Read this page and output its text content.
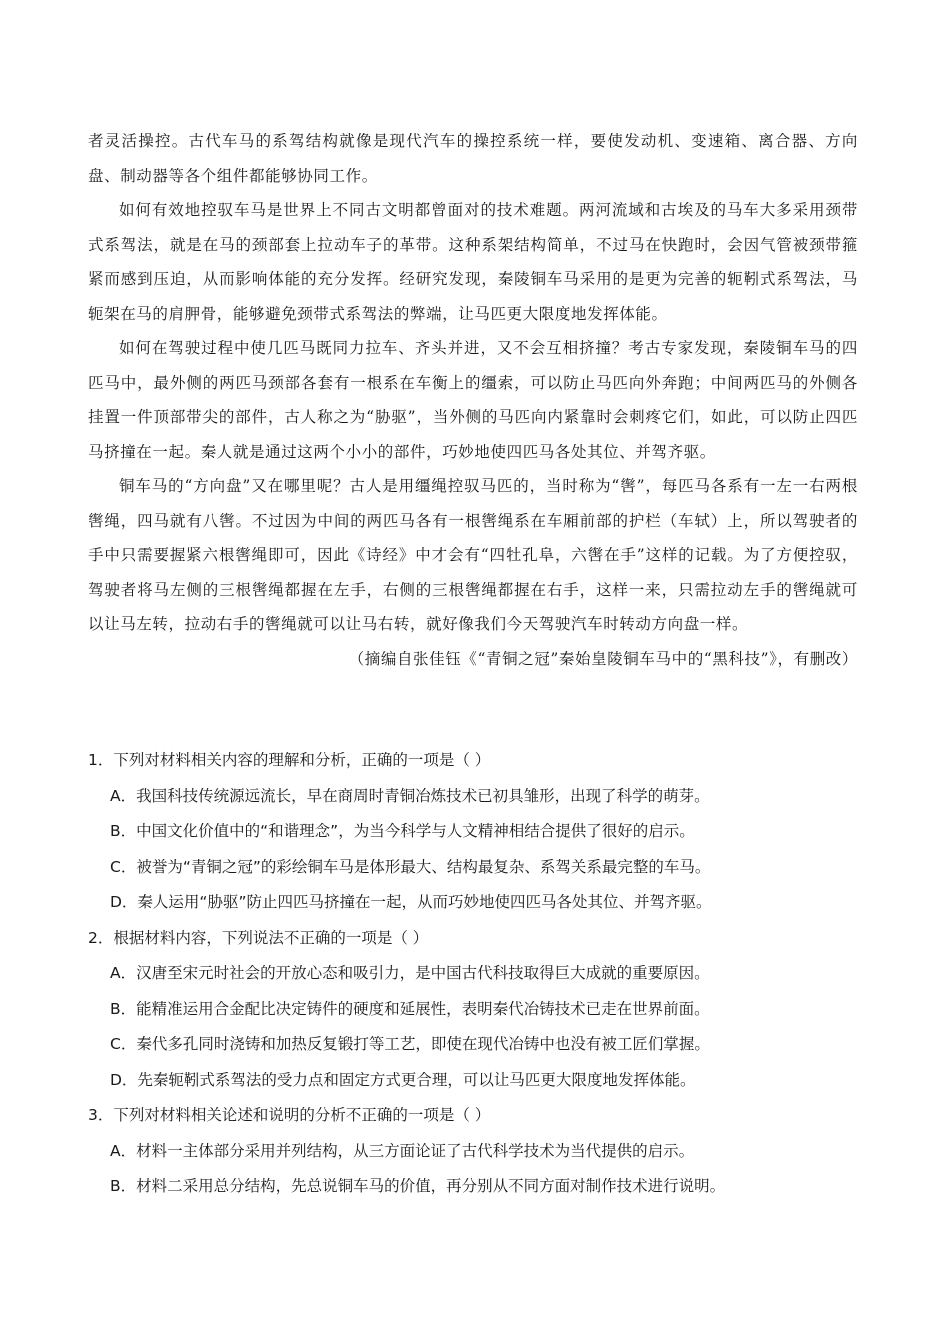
者灵活操控。古代车马的系驾结构就像是现代汽车的操控系统一样，要使发动机、变速箱、离合器、方向盘、制动器等各个组件都能够协同工作。

如何有效地控驭车马是世界上不同古文明都曾面对的技术难题。两河流域和古埃及的马车大多采用颈带式系驾法，就是在马的颈部套上拉动车子的革带。这种系架结构简单，不过马在快跑时，会因气管被颈带箍紧而感到压迫，从而影响体能的充分发挥。经研究发现，秦陵铜车马采用的是更为完善的轭靷式系驾法，马轭架在马的肩胛骨，能够避免颈带式系驾法的弊端，让马匹更大限度地发挥体能。

如何在驾驶过程中使几匹马既同力拉车、齐头并进，又不会互相挤撞？考古专家发现，秦陵铜车马的四匹马中，最外侧的两匹马颈部各套有一根系在车衡上的缰索，可以防止马匹向外奔跑；中间两匹马的外侧各挂置一件顶部带尖的部件，古人称之为“胁驱”，当外侧的马匹向内紧靠时会刺疼它们，如此，可以防止四匹马挤撞在一起。秦人就是通过这两个小小的部件，巧妙地使四匹马各处其位、并驾齐驱。

铜车马的“方向盘”又在哪里呢？古人是用缰绳控驭马匹的，当时称为“辔”，每匹马各系有一左一右两根辔绳，四马就有八辔。不过因为中间的两匹马各有一根辔绳系在车厢前部的护栏（车轼）上，所以驾驶者的手中只需要握紧六根辔绳即可，因此《诗经》中才会有“四牡孔阜，六辔在手”这样的记载。为了方便控驭，驾驶者将马左侧的三根辔绳都握在左手，右侧的三根辔绳都握在右手，这样一来，只需拉动左手的辔绳就可以让马左转，拉动右手的辔绳就可以让马右转，就好像我们今天驾驶汽车时转动方向盘一样。

（摘编自张佳钰《“青铜之冠”秦始皇陵铜车马中的“黑科技”》，有删改）

1．下列对材料相关内容的理解和分析，正确的一项是（ ）

A．我国科技传统源远流长，早在商周时青铜冶炼技术已初具雏形，出现了科学的萌芽。

B．中国文化价值中的“和谐理念”，为当今科学与人文精神相结合提供了很好的启示。

C．被誉为“青铜之冠”的彩绘铜车马是体形最大、结构最复杂、系驾关系最完整的车马。

D．秦人运用“胁驱”防止四匹马挤撞在一起，从而巧妙地使四匹马各处其位、并驾齐驱。

2．根据材料内容，下列说法不正确的一项是（ ）

A．汉唐至宋元时社会的开放心态和吸引力，是中国古代科技取得巨大成就的重要原因。

B．能精准运用合金配比决定铸件的硬度和延展性，表明秦代冶铸技术已走在世界前面。

C．秦代多孔同时浇铸和加热反复锻打等工艺，即使在现代冶铸中也没有被工匠们掌握。

D．先秦轭靷式系驾法的受力点和固定方式更合理，可以让马匹更大限度地发挥体能。

3．下列对材料相关论述和说明的分析不正确的一项是（ ）

A．材料一主体部分采用并列结构，从三方面论证了古代科学技术为当代提供的启示。

B．材料二采用总分结构，先总说铜车马的价值，再分别从不同方面对制作技术进行说明。
